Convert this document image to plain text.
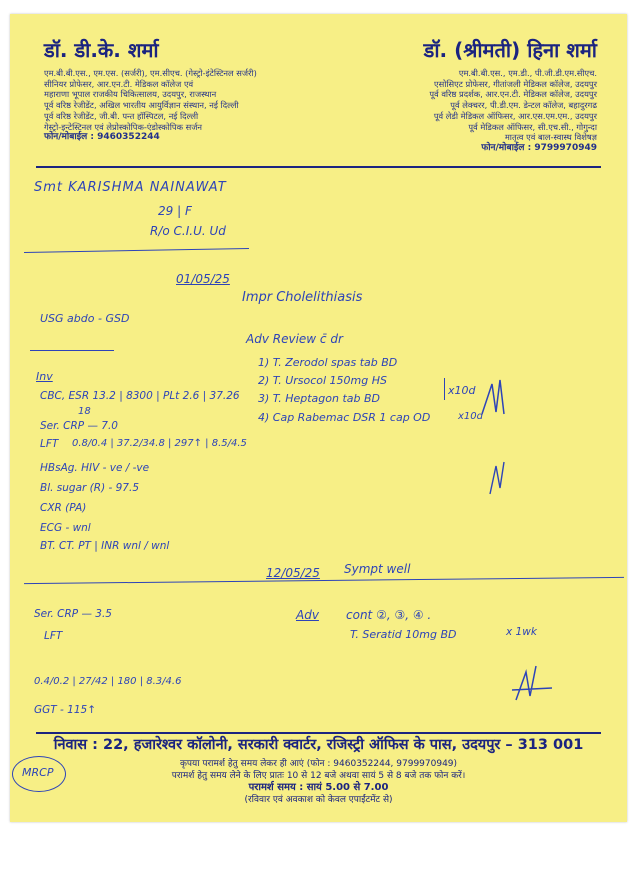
डॉ. डी.के. शर्मा
एम.बी.बी.एस., एम.एस. (सर्जरी), एम.सीएच. (गेस्ट्रो-इंटेस्टिनल सर्जरी)
सीनियर प्रोफेसर, आर.एन.टी. मेडिकल कॉलेज एवं
महाराणा भूपाल राजकीय चिकित्सालय, उदयपुर, राजस्थान
पूर्व वरिष्ठ रेजीडेंट, अखिल भारतीय आयुर्विज्ञान संस्थान, नई दिल्ली
पूर्व वरिष्ठ रेजीडेंट, जी.बी. पन्त हॉस्पिटल, नई दिल्ली
गेस्ट्रो-इन्टेस्टिनल एवं लेप्रोस्कोपिक-एंडोस्कोपिक सर्जन
फोन/मोबाईल : 9460352244
डॉ. (श्रीमती) हिना शर्मा
एम.बी.बी.एस., एम.डी., पी.जी.डी.एम.सीएच.
एसोसिएट प्रोफेसर, गीतांजली मेडिकल कॉलेज, उदयपुर
पूर्व वरिष्ठ प्रदर्शक, आर.एन.टी. मेडिकल कॉलेज, उदयपुर
पूर्व लेक्चरर, पी.डी.एम. डेन्टल कॉलेज, बहादुरगढ
पूर्व लेडी मेडिकल ऑफिसर, आर.एस.एम.एम., उदयपुर
पूर्व मेडिकल ऑफिसर, सी.एच.सी., गोगुन्दा
मातृत्व एवं बाल-स्वास्थ विशेषज्ञ
फोन/मोबाईल : 9799970949
Smt KARISHMA NAINAWAT
29 | F
R/o C.I.U. Ud
01/05/25
Impr Cholelithiasis
USG abdo - GSD
Adv Review c̄ dr
1) T. Zerodol spas tab BD
2) T. Ursocol 150mg HS
3) T. Heptagon tab BD
4) Cap Rabemac DSR 1 cap OD
x10d
x10d
Inv
CBC, ESR 13.2 | 8300 | PLt 2.6 | 37.26
18
Ser. CRP — 7.0
LFT 0.8/0.4 | 37.2/34.8 | 297↑ | 8.5/4.5
HBsAg. HIV - ve / -ve
Bl. sugar (R) - 97.5
CXR (PA)
ECG - wnl
BT. CT. PT | INR wnl / wnl
12/05/25 Sympt well
Adv cont ②, ③, ④ .
T. Seratid 10mg BD	x 1wk
Ser. CRP — 3.5
LFT
0.4/0.2 | 27/42 | 180 | 8.3/4.6
GGT - 115↑
निवास : 22, हजारेश्वर कॉलोनी, सरकारी क्वार्टर, रजिस्ट्री ऑफिस के पास, उदयपुर – 313 001
कृपया परामर्श हेतु समय लेकर ही आएं (फोन : 9460352244, 9799970949)
परामर्श हेतु समय लेने के लिए प्रातः 10 से 12 बजे अथवा सायं 5 से 8 बजे तक फोन करें।
परामर्श समय : सायं 5.00 से 7.00
(रविवार एवं अवकाश को केवल एपाईंटमेंट से)
MRCP
